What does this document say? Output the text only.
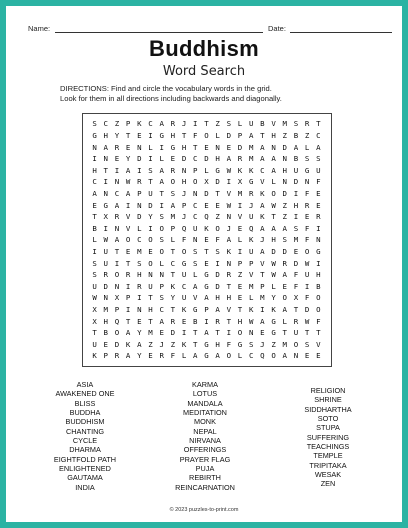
Name:	Date:
Buddhism
Word Search

DIRECTIONS: Find and circle the vocabulary words in the grid.

Look for them in all directions including backwards and diagonally.

S C Z P K C A R J I T Z S L U B V M S R T
G H Y T E I G H T F O L D P A T H Z B Z C
N A R E N L I G H T E N E D M A N D A L A
I N E Y D I L E D C D H A R M A A N B S S
H T I A I S A R N P L G W K K C A H U G U
C I N W R T A O H O X D I X G V L N D N F
A N C A P U T S J N D T V M R K O D I F E
E G A I N D I A P C E E W I J A W Z H R E
T X R V D Y S M J C Q Z N V U K T Z I E R
B I N V L I O P Q U K O J E Q A A A S F I
L W A O C O S L F N E F A L K J H S M F N
I U T E M E O T O S T S K I U A D D E O G
S U I T S O L C G S E I N P P V W R D W I
S R O R H N N T U L G D R Z V T W A F U H
U D N I R U P K C A G D T E M P L E F I B
W N X P I T S Y U V A H H E L M Y O X F O
X M P I N H C T K G P A V T K I K A T D O
X H Q T E T A R E B I R T H W A G L R W F
T B O A Y M E D I T A T I O N E G T U T T
U E D K A Z J Z K T G H F G S J Z M O S V
K P R A Y E R F L A G A O L C Q O A N E E
ASIA
AWAKENED ONE
BLISS
BUDDHA
BUDDHISM
CHANTING
CYCLE
DHARMA
EIGHTFOLD PATH
ENLIGHTENED
GAUTAMA
INDIA
KARMA
LOTUS
MANDALA
MEDITATION
MONK
NEPAL
NIRVANA
OFFERINGS
PRAYER FLAG
PUJA
REBIRTH
REINCARNATION
RELIGION
SHRINE
SIDDHARTHA
SOTO
STUPA
SUFFERING
TEACHINGS
TEMPLE
TRIPITAKA
WESAK
ZEN
© 2023 puzzles-to-print.com
